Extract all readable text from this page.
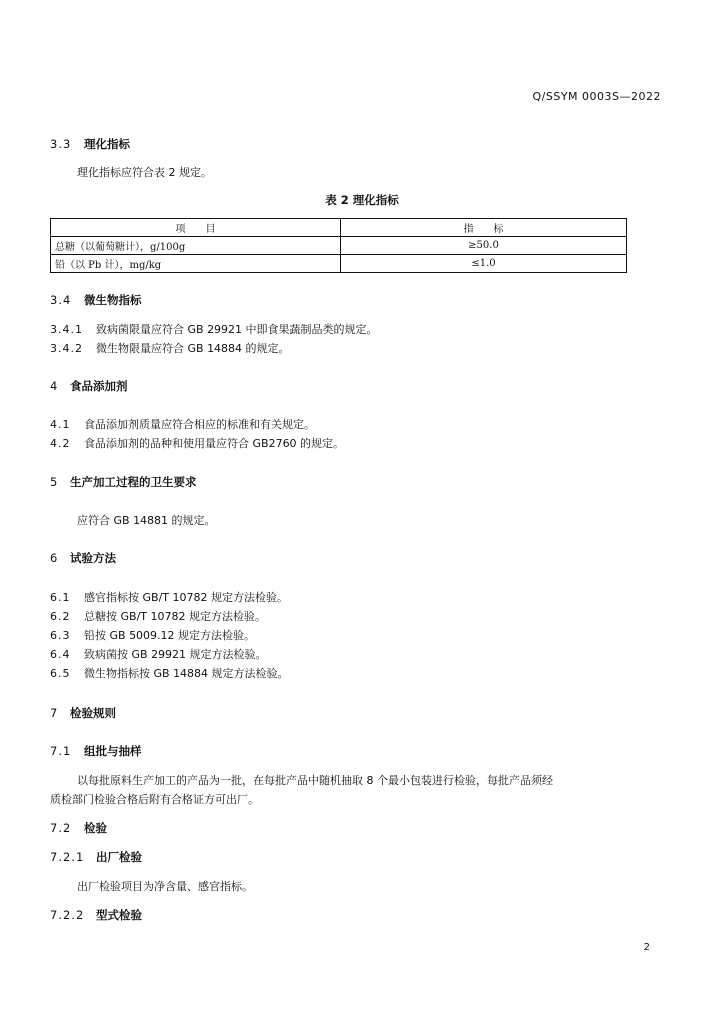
Q/SSYM 0003S—2022
3.3 理化指标
理化指标应符合表 2 规定。
表 2 理化指标
项　　目	指　　标
总糖（以葡萄糖计），g/100g	≥50.0
铅（以 Pb 计），mg/kg	≤1.0
3.4 微生物指标
3.4.1 致病菌限量应符合 GB 29921 中即食果蔬制品类的规定。
3.4.2 微生物限量应符合 GB 14884 的规定。
4 食品添加剂
4.1 食品添加剂质量应符合相应的标准和有关规定。
4.2 食品添加剂的品种和使用量应符合 GB2760 的规定。
5 生产加工过程的卫生要求
应符合 GB 14881 的规定。
6 试验方法
6.1 感官指标按 GB/T 10782 规定方法检验。
6.2 总糖按 GB/T 10782 规定方法检验。
6.3 铅按 GB 5009.12 规定方法检验。
6.4 致病菌按 GB 29921 规定方法检验。
6.5 微生物指标按 GB 14884 规定方法检验。
7 检验规则
7.1 组批与抽样
以每批原料生产加工的产品为一批，在每批产品中随机抽取 8 个最小包装进行检验，每批产品须经
质检部门检验合格后附有合格证方可出厂。
7.2 检验
7.2.1 出厂检验
出厂检验项目为净含量、感官指标。
7.2.2 型式检验
2
